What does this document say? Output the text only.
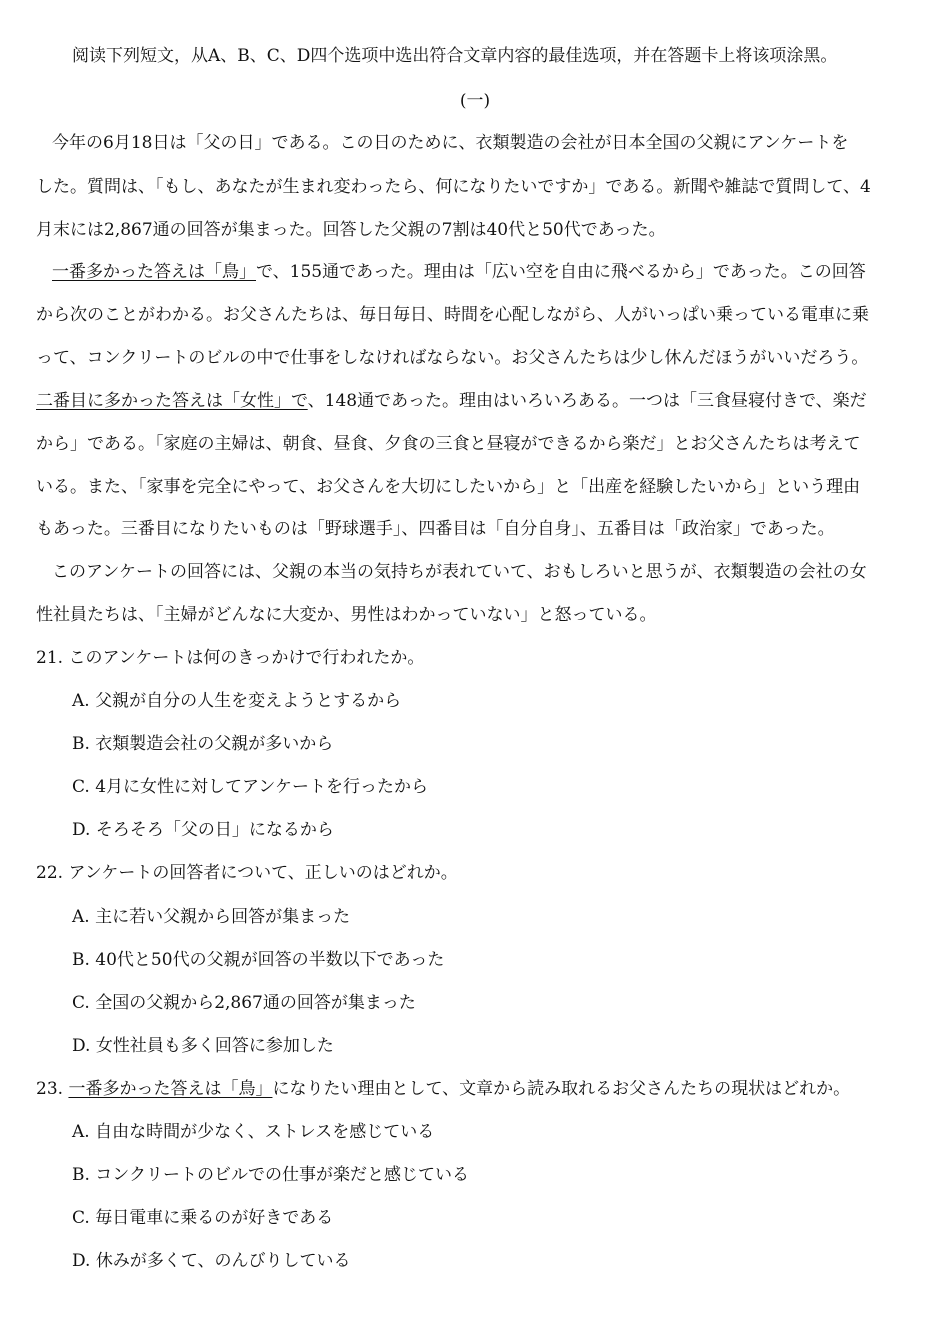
阅读下列短文，从A、B、C、D四个选项中选出符合文章内容的最佳选项，并在答题卡上将该项涂黑。
(一)
今年の6月18日は「父の日」である。この日のために、衣類製造の会社が日本全国の父親にアンケートを
した。質問は、「もし、あなたが生まれ変わったら、何になりたいですか」である。新聞や雑誌で質問して、4
月末には2,867通の回答が集まった。回答した父親の7割は40代と50代であった。
一番多かった答えは「鳥」で、155通であった。理由は「広い空を自由に飛べるから」であった。この回答
から次のことがわかる。お父さんたちは、毎日毎日、時間を心配しながら、人がいっぱい乗っている電車に乗
って、コンクリートのビルの中で仕事をしなければならない。お父さんたちは少し休んだほうがいいだろう。
二番目に多かった答えは「女性」で、148通であった。理由はいろいろある。一つは「三食昼寝付きで、楽だ
から」である。「家庭の主婦は、朝食、昼食、夕食の三食と昼寝ができるから楽だ」とお父さんたちは考えて
いる。また、「家事を完全にやって、お父さんを大切にしたいから」と「出産を経験したいから」という理由
もあった。三番目になりたいものは「野球選手」、四番目は「自分自身」、五番目は「政治家」であった。
このアンケートの回答には、父親の本当の気持ちが表れていて、おもしろいと思うが、衣類製造の会社の女
性社員たちは、「主婦がどんなに大変か、男性はわかっていない」と怒っている。
21. このアンケートは何のきっかけで行われたか。
A. 父親が自分の人生を変えようとするから
B. 衣類製造会社の父親が多いから
C. 4月に女性に対してアンケートを行ったから
D. そろそろ「父の日」になるから
22. アンケートの回答者について、正しいのはどれか。
A. 主に若い父親から回答が集まった
B. 40代と50代の父親が回答の半数以下であった
C. 全国の父親から2,867通の回答が集まった
D. 女性社員も多く回答に参加した
23. 一番多かった答えは「鳥」になりたい理由として、文章から読み取れるお父さんたちの現状はどれか。
A. 自由な時間が少なく、ストレスを感じている
B. コンクリートのビルでの仕事が楽だと感じている
C. 毎日電車に乗るのが好きである
D. 休みが多くて、のんびりしている
